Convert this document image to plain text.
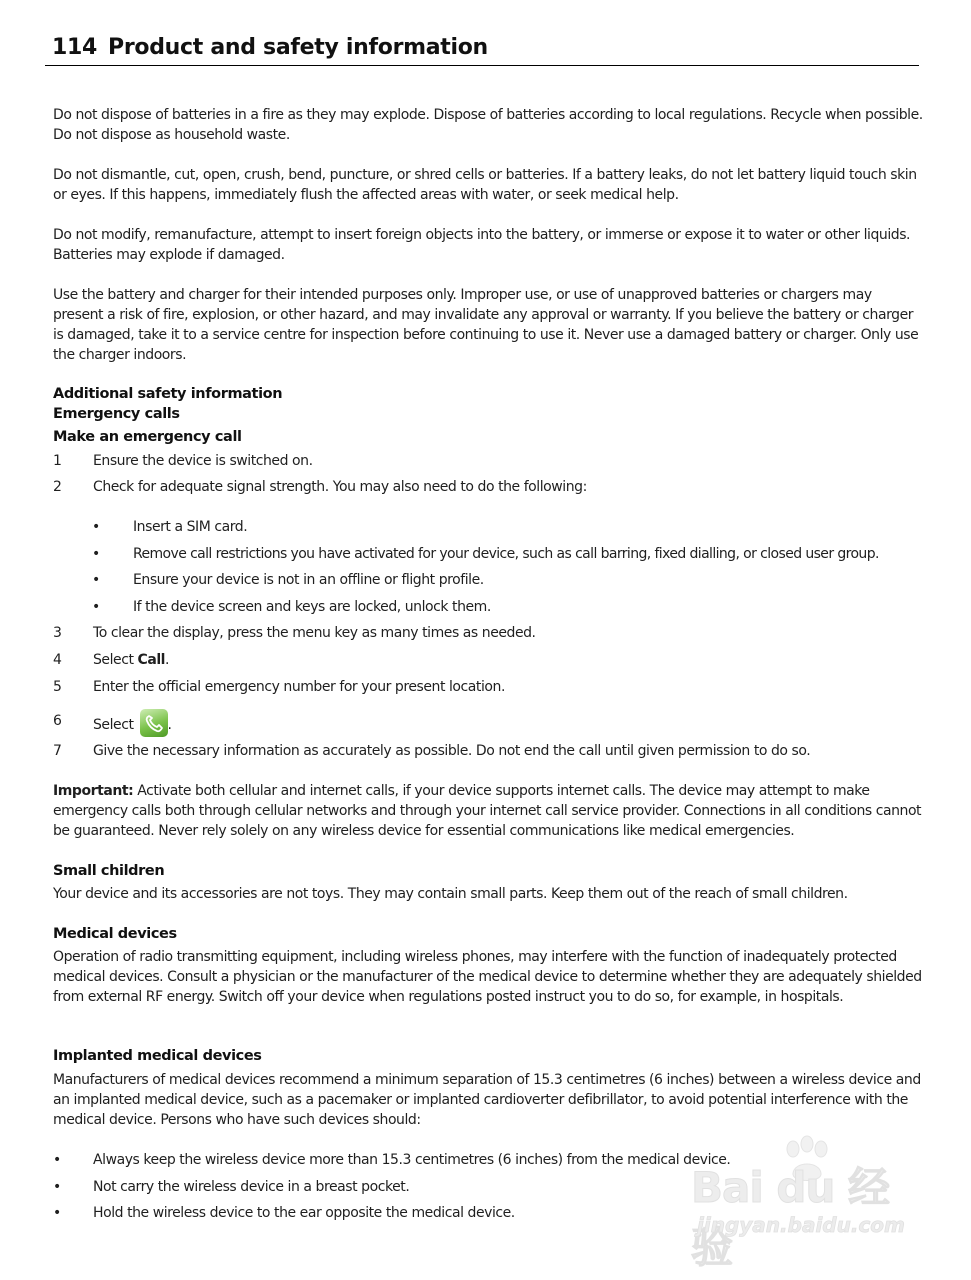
114 Product and safety information
Do not dispose of batteries in a fire as they may explode. Dispose of batteries according to local regulations. Recycle when possible. Do not dispose as household waste.
Do not dismantle, cut, open, crush, bend, puncture, or shred cells or batteries. If a battery leaks, do not let battery liquid touch skin or eyes. If this happens, immediately flush the affected areas with water, or seek medical help.
Do not modify, remanufacture, attempt to insert foreign objects into the battery, or immerse or expose it to water or other liquids. Batteries may explode if damaged.
Use the battery and charger for their intended purposes only. Improper use, or use of unapproved batteries or chargers may present a risk of fire, explosion, or other hazard, and may invalidate any approval or warranty. If you believe the battery or charger is damaged, take it to a service centre for inspection before continuing to use it. Never use a damaged battery or charger. Only use the charger indoors.
Additional safety information
Emergency calls
Make an emergency call
1 Ensure the device is switched on.
2 Check for adequate signal strength. You may also need to do the following:
• Insert a SIM card.
• Remove call restrictions you have activated for your device, such as call barring, fixed dialling, or closed user group.
• Ensure your device is not in an offline or flight profile.
• If the device screen and keys are locked, unlock them.
3 To clear the display, press the menu key as many times as needed.
4 Select Call.
5 Enter the official emergency number for your present location.
6 Select
.
7 Give the necessary information as accurately as possible. Do not end the call until given permission to do so.
Important: Activate both cellular and internet calls, if your device supports internet calls. The device may attempt to make emergency calls both through cellular networks and through your internet call service provider. Connections in all conditions cannot be guaranteed. Never rely solely on any wireless device for essential communications like medical emergencies.
Small children
Your device and its accessories are not toys. They may contain small parts. Keep them out of the reach of small children.
Medical devices
Operation of radio transmitting equipment, including wireless phones, may interfere with the function of inadequately protected medical devices. Consult a physician or the manufacturer of the medical device to determine whether they are adequately shielded from external RF energy. Switch off your device when regulations posted instruct you to do so, for example, in hospitals.
Implanted medical devices
Manufacturers of medical devices recommend a minimum separation of 15.3 centimetres (6 inches) between a wireless device and an implanted medical device, such as a pacemaker or implanted cardioverter defibrillator, to avoid potential interference with the medical device. Persons who have such devices should:
• Always keep the wireless device more than 15.3 centimetres (6 inches) from the medical device.
• Not carry the wireless device in a breast pocket.
• Hold the wireless device to the ear opposite the medical device.
Bai du 经验
jingyan.baidu.com
